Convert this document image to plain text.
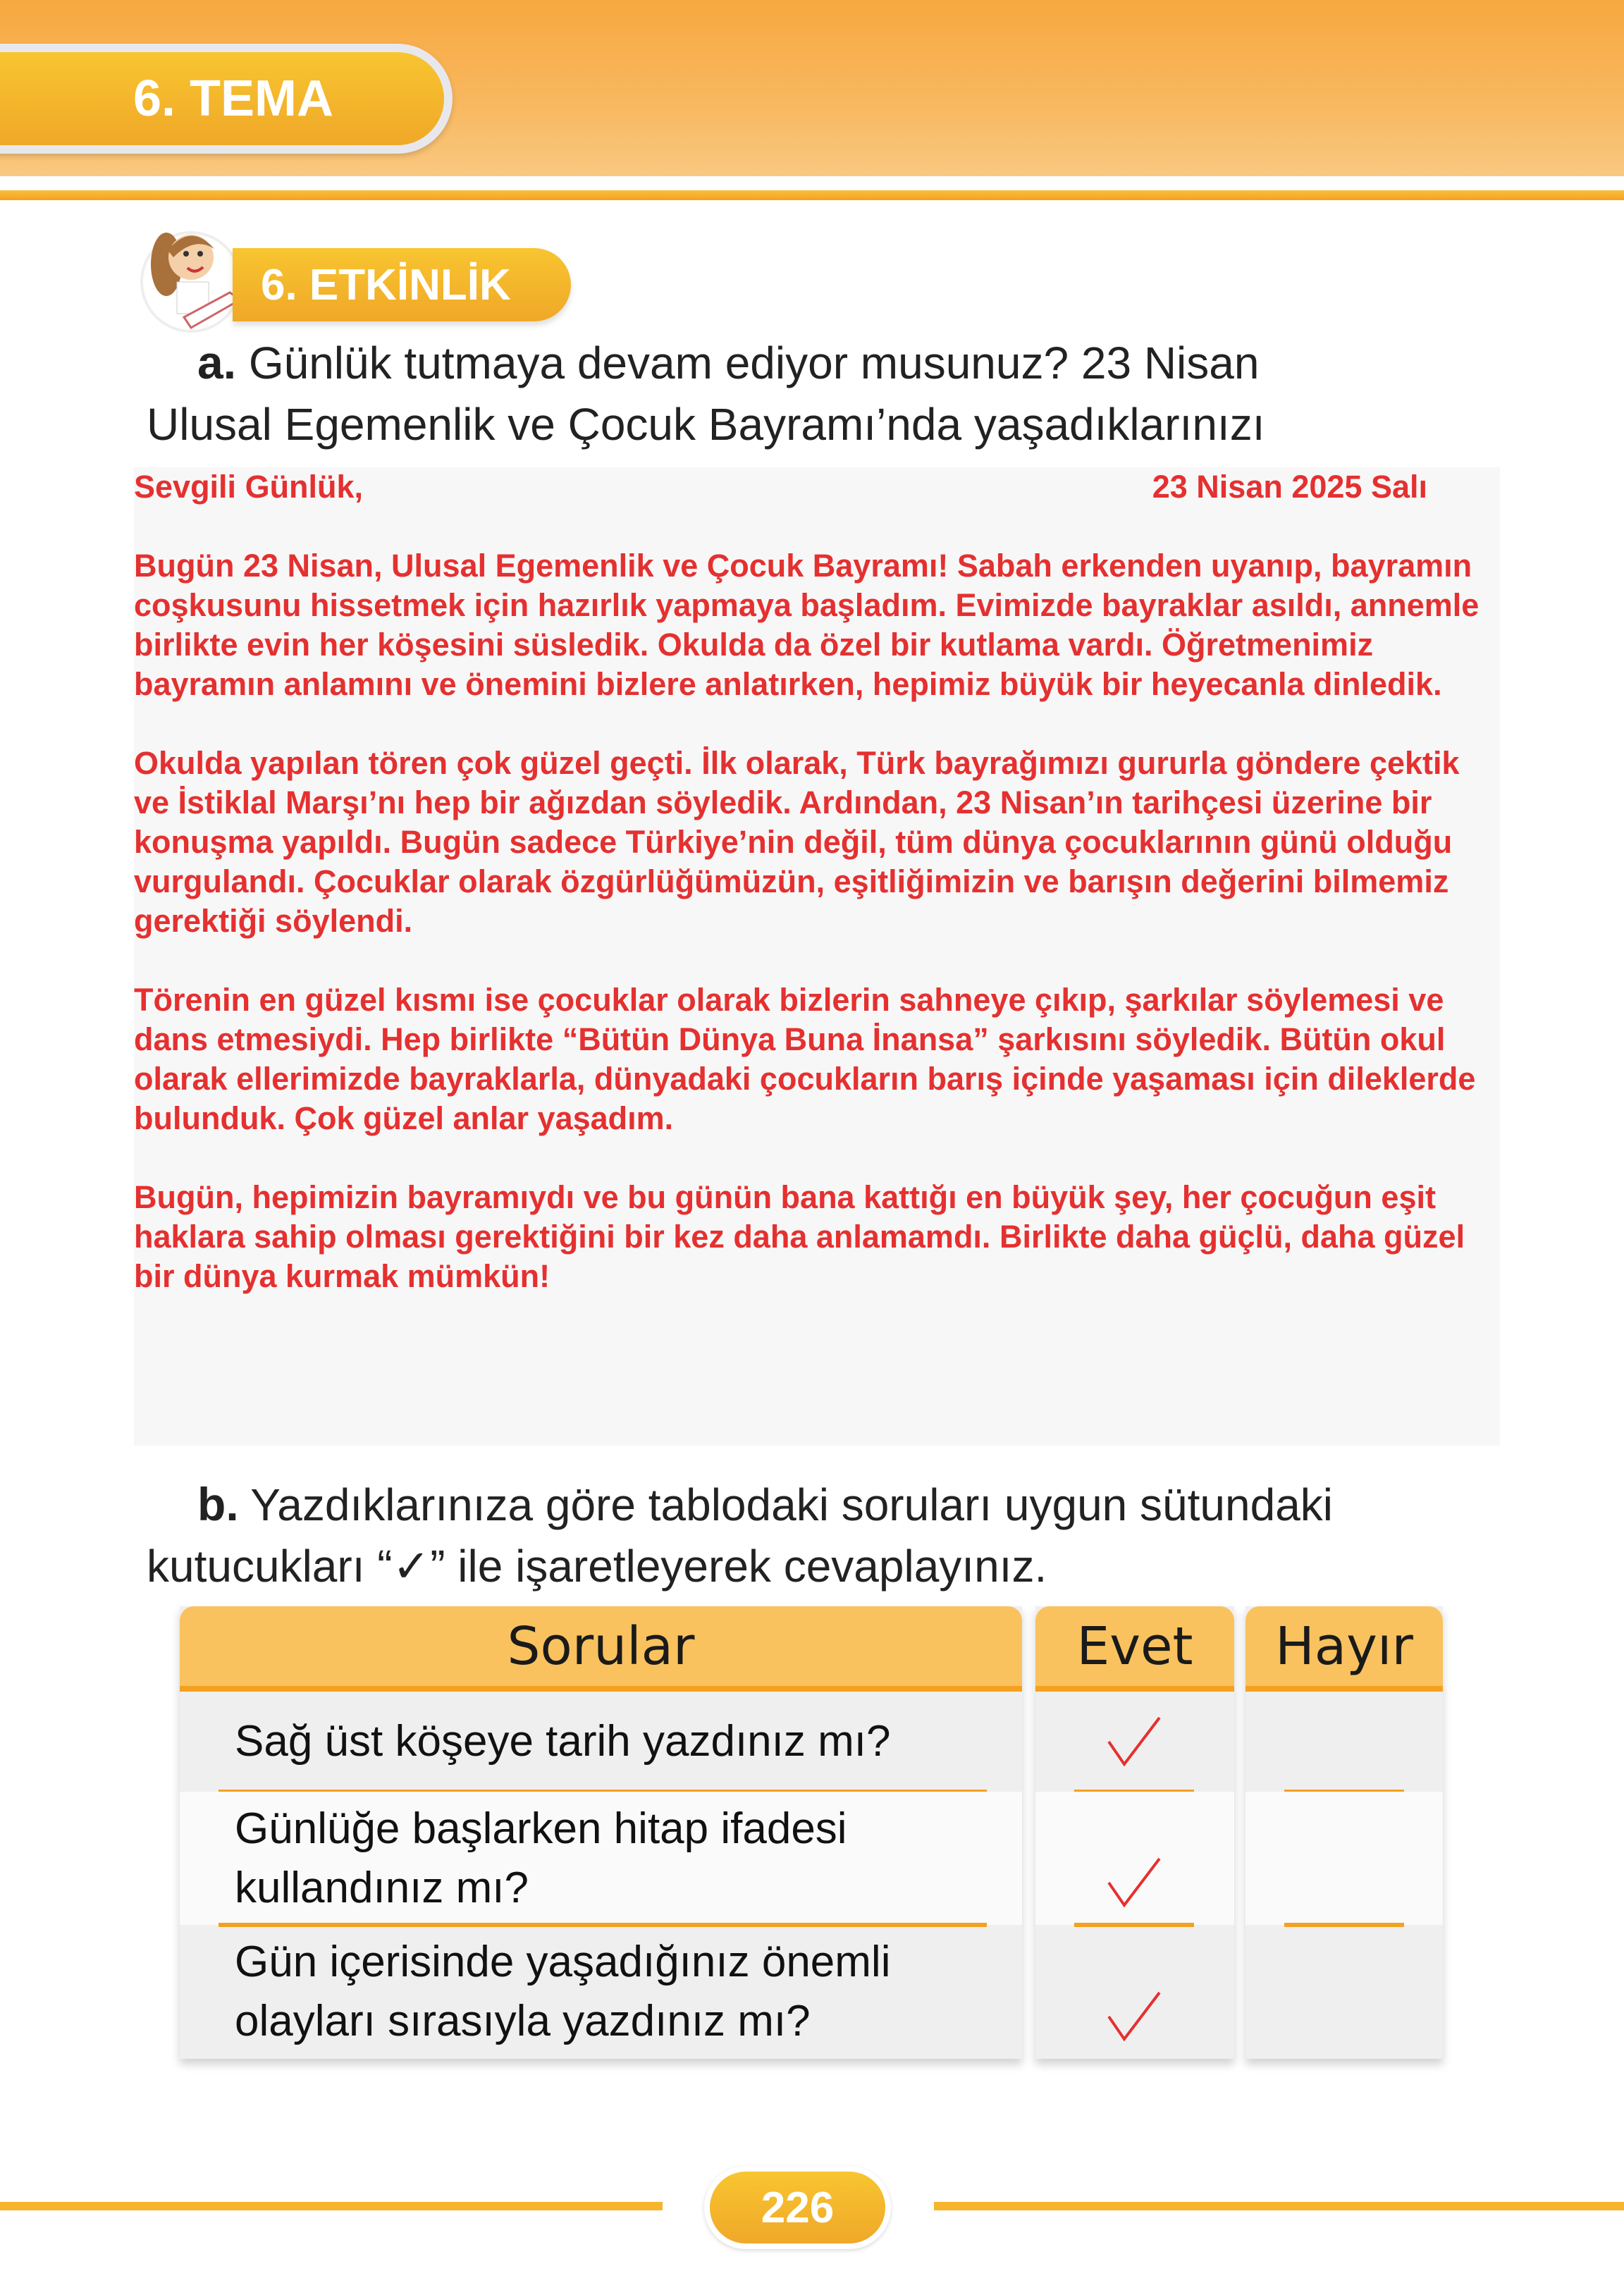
6. TEMA
6. ETKİNLİK
a. Günlük tutmaya devam ediyor musunuz? 23 Nisan
Ulusal Egemenlik ve Çocuk Bayramı’nda yaşadıklarınızı
Sevgili Günlük,	23 Nisan 2025 Salı

Bugün 23 Nisan, Ulusal Egemenlik ve Çocuk Bayramı! Sabah erkenden uyanıp, bayramın coşkusunu hissetmek için hazırlık yapmaya başladım. Evimizde bayraklar asıldı, annemle birlikte evin her köşesini süsledik. Okulda da özel bir kutlama vardı. Öğretmenimiz bayramın anlamını ve önemini bizlere anlatırken, hepimiz büyük bir heyecanla dinledik.

Okulda yapılan tören çok güzel geçti. İlk olarak, Türk bayrağımızı gururla göndere çektik ve İstiklal Marşı’nı hep bir ağızdan söyledik. Ardından, 23 Nisan’ın tarihçesi üzerine bir konuşma yapıldı. Bugün sadece Türkiye’nin değil, tüm dünya çocuklarının günü olduğu vurgulandı. Çocuklar olarak özgürlüğümüzün, eşitliğimizin ve barışın değerini bilmemiz gerektiği söylendi.

Törenin en güzel kısmı ise çocuklar olarak bizlerin sahneye çıkıp, şarkılar söylemesi ve dans etmesiydi. Hep birlikte “Bütün Dünya Buna İnansa” şarkısını söyledik. Bütün okul olarak ellerimizde bayraklarla, dünyadaki çocukların barış içinde yaşaması için dileklerde bulunduk. Çok güzel anlar yaşadım.

Bugün, hepimizin bayramıydı ve bu günün bana kattığı en büyük şey, her çocuğun eşit haklara sahip olması gerektiğini bir kez daha anlamamdı. Birlikte daha güçlü, daha güzel bir dünya kurmak mümkün!

b. Yazdıklarınıza göre tablodaki soruları uygun sütundaki
kutucukları “✓” ile işaretleyerek cevaplayınız.
Sorular
Sağ üst köşeye tarih yazdınız mı?
Günlüğe başlarken hitap ifadesi kullandınız mı?
Gün içerisinde yaşadığınız önemli olayları sırasıyla yazdınız mı?
Evet	Hayır
226
